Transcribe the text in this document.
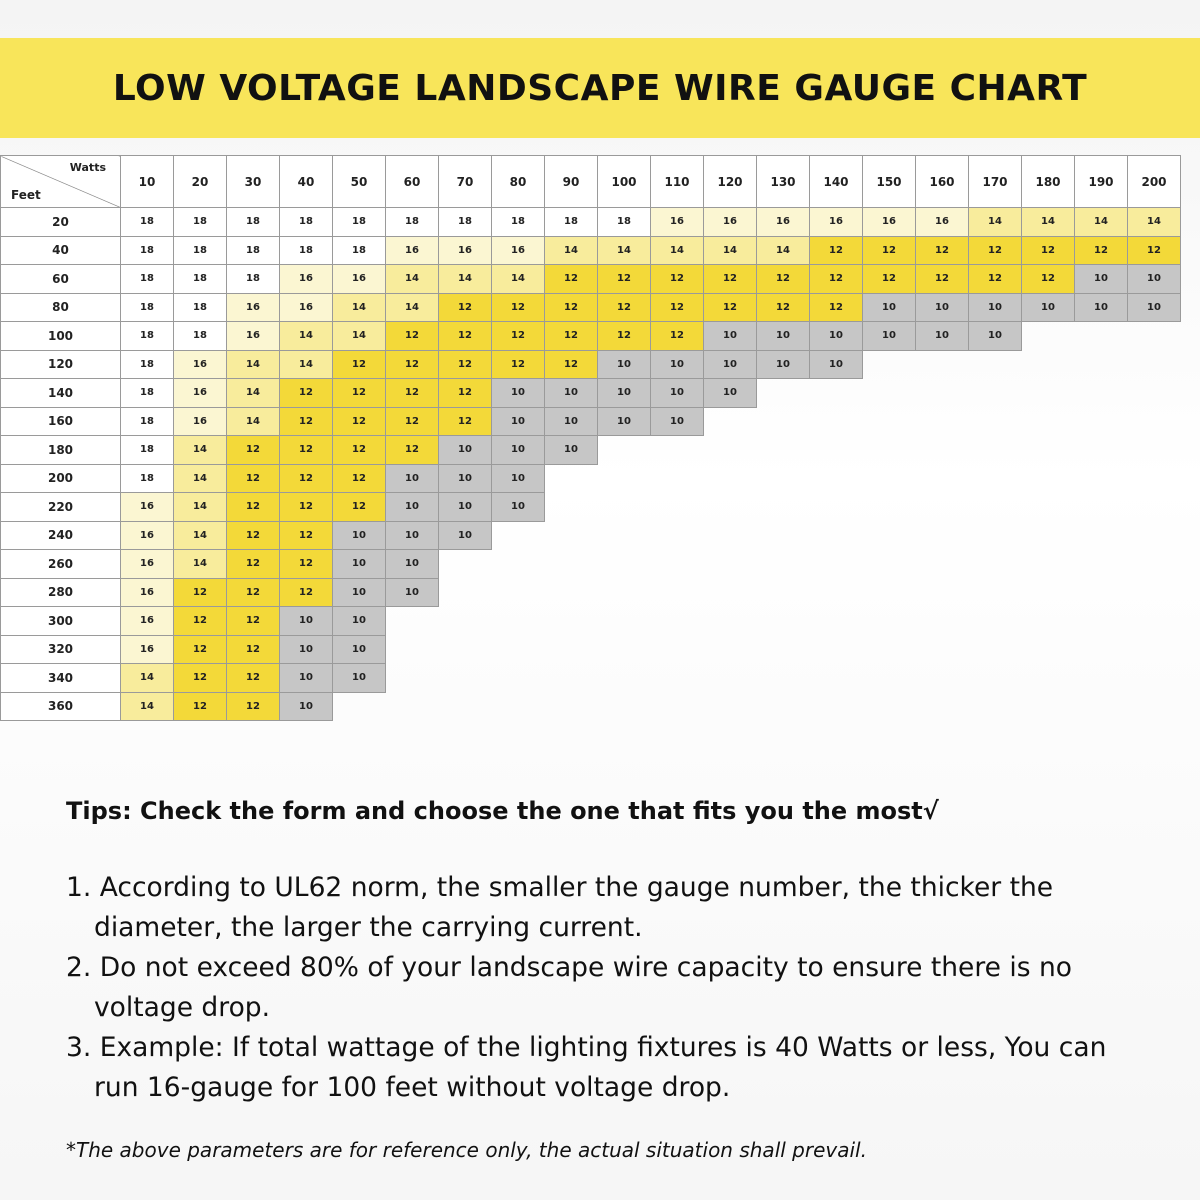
LOW VOLTAGE LANDSCAPE WIRE GAUGE CHART
Watts
Feet	10	20	30	40	50	60	70	80	90	100	110	120	130	140	150	160	170	180	190	200
20	18	18	18	18	18	18	18	18	18	18	16	16	16	16	16	16	14	14	14	14
40	18	18	18	18	18	16	16	16	14	14	14	14	14	12	12	12	12	12	12	12
60	18	18	18	16	16	14	14	14	12	12	12	12	12	12	12	12	12	12	10	10
80	18	18	16	16	14	14	12	12	12	12	12	12	12	12	10	10	10	10	10	10
100	18	18	16	14	14	12	12	12	12	12	12	10	10	10	10	10	10			
120	18	16	14	14	12	12	12	12	12	10	10	10	10	10						
140	18	16	14	12	12	12	12	10	10	10	10	10								
160	18	16	14	12	12	12	12	10	10	10	10									
180	18	14	12	12	12	12	10	10	10											
200	18	14	12	12	12	10	10	10												
220	16	14	12	12	12	10	10	10												
240	16	14	12	12	10	10	10													
260	16	14	12	12	10	10														
280	16	12	12	12	10	10														
300	16	12	12	10	10															
320	16	12	12	10	10															
340	14	12	12	10	10															
360	14	12	12	10																

Tips: Check the form and choose the one that fits you the most√

1. According to UL62 norm, the smaller the gauge number, the thicker the
diameter, the larger the carrying current.
2. Do not exceed 80% of your landscape wire capacity to ensure there is no
voltage drop.
3. Example: If total wattage of the lighting fixtures is 40 Watts or less, You can
run 16-gauge for 100 feet without voltage drop.

*The above parameters are for reference only, the actual situation shall prevail.
